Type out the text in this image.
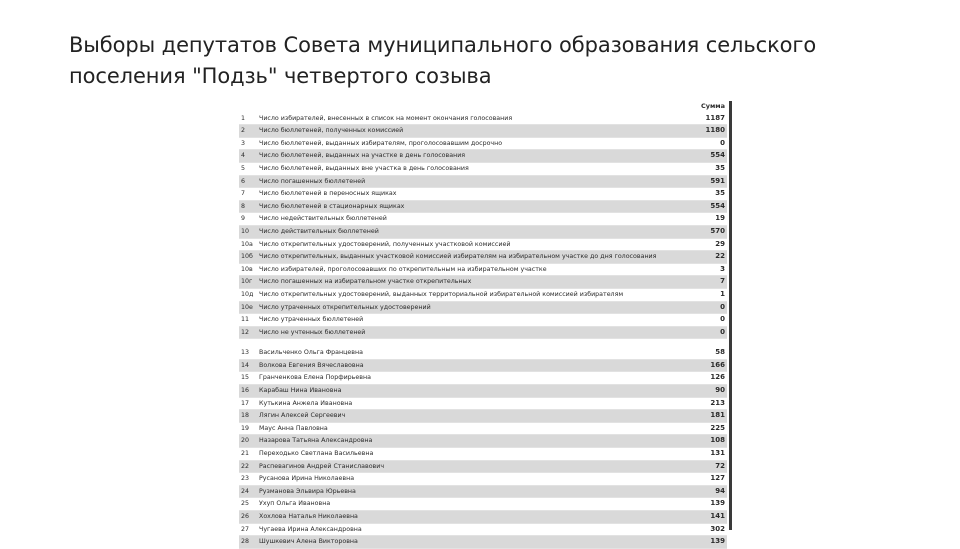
Выборы депутатов Совета муниципального образования сельского поселения "Подзь" четвертого созыва
		Сумма
1	Число избирателей, внесенных в список на момент окончания голосования	1187
2	Число бюллетеней, полученных комиссией	1180
3	Число бюллетеней, выданных избирателям, проголосовавшим досрочно	0
4	Число бюллетеней, выданных на участке в день голосования	554
5	Число бюллетеней, выданных вне участка в день голосования	35
6	Число погашенных бюллетеней	591
7	Число бюллетеней в переносных ящиках	35
8	Число бюллетеней в стационарных ящиках	554
9	Число недействительных бюллетеней	19
10	Число действительных бюллетеней	570
10а	Число открепительных удостоверений, полученных участковой комиссией	29
10б	Число открепительных, выданных участковой комиссией избирателям на избирательном участке до дня голосования	22
10в	Число избирателей, проголосовавших по открепительным на избирательном участке	3
10г	Число погашенных на избирательном участке открепительных	7
10д	Число открепительных удостоверений, выданных территориальной избирательной комиссией избирателям	1
10е	Число утраченных открепительных удостоверений	0
11	Число утраченных бюллетеней	0
12	Число не учтенных бюллетеней	0

13	Васильченко Ольга Францевна	58
14	Волкова Евгения Вячеславовна	166
15	Гранченкова Елена Порфирьевна	126
16	Карабаш Нина Ивановна	90
17	Кутькина Анжела Ивановна	213
18	Лягин Алексей Сергеевич	181
19	Маус Анна Павловна	225
20	Назарова Татьяна Александровна	108
21	Переходько Светлана Васильевна	131
22	Распевагинов Андрей Станиславович	72
23	Русанова Ирина Николаевна	127
24	Рузманова Эльвира Юрьевна	94
25	Ухуп Ольга Ивановна	139
26	Хохлова Наталья Николаевна	141
27	Чугаева Ирина Александровна	302
28	Шушкевич Алена Викторовна	139
